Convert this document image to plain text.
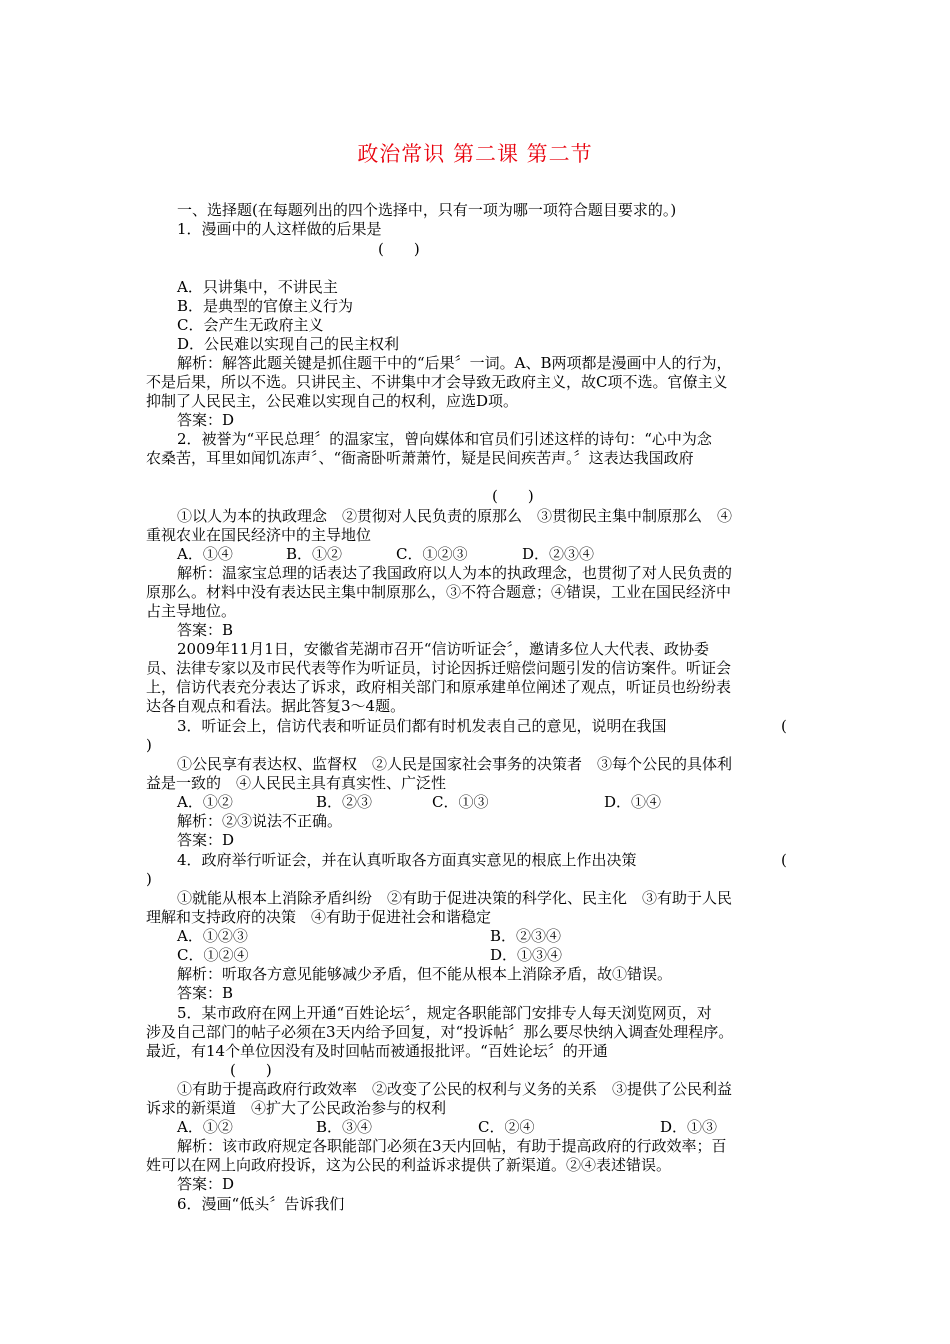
政治常识 第二课 第二节
一、选择题(在每题列出的四个选择中，只有一项为哪一项符合题目要求的。)
1．漫画中的人这样做的后果是
(　　)
A．只讲集中，不讲民主
B．是典型的官僚主义行为
C．会产生无政府主义
D．公民难以实现自己的民主权利
解析：解答此题关键是抓住题干中的“后果〞一词。A、B两项都是漫画中人的行为，
不是后果，所以不选。只讲民主、不讲集中才会导致无政府主义，故C项不选。官僚主义
抑制了人民民主，公民难以实现自己的权利，应选D项。
答案：D
2．被誉为“平民总理〞的温家宝，曾向媒体和官员们引述这样的诗句：“心中为念
农桑苦，耳里如闻饥冻声〞、“衙斋卧听萧萧竹，疑是民间疾苦声。〞这表达我国政府
(　　)
①以人为本的执政理念　②贯彻对人民负责的原那么　③贯彻民主集中制原那么　④
重视农业在国民经济中的主导地位
A．①④	B．①②	C．①②③	D．②③④
解析：温家宝总理的话表达了我国政府以人为本的执政理念，也贯彻了对人民负责的
原那么。材料中没有表达民主集中制原那么，③不符合题意；④错误，工业在国民经济中
占主导地位。
答案：B
2009年11月1日，安徽省芜湖市召开“信访听证会〞，邀请多位人大代表、政协委
员、法律专家以及市民代表等作为听证员，讨论因拆迁赔偿问题引发的信访案件。听证会
上，信访代表充分表达了诉求，政府相关部门和原承建单位阐述了观点，听证员也纷纷表
达各自观点和看法。据此答复3～4题。
3．听证会上，信访代表和听证员们都有时机发表自己的意见，说明在我国	(
)
①公民享有表达权、监督权　②人民是国家社会事务的决策者　③每个公民的具体利
益是一致的　④人民民主具有真实性、广泛性
A．①②	B．②③	C．①③	D．①④
解析：②③说法不正确。
答案：D
4．政府举行听证会，并在认真听取各方面真实意见的根底上作出决策	(
)
①就能从根本上消除矛盾纠纷　②有助于促进决策的科学化、民主化　③有助于人民
理解和支持政府的决策　④有助于促进社会和谐稳定
A．①②③	B．②③④
C．①②④	D．①③④
解析：听取各方意见能够减少矛盾，但不能从根本上消除矛盾，故①错误。
答案：B
5．某市政府在网上开通“百姓论坛〞，规定各职能部门安排专人每天浏览网页，对
涉及自己部门的帖子必须在3天内给予回复，对“投诉帖〞那么要尽快纳入调查处理程序。
最近，有14个单位因没有及时回帖而被通报批评。“百姓论坛〞的开通
(　　)
①有助于提高政府行政效率　②改变了公民的权利与义务的关系　③提供了公民利益
诉求的新渠道　④扩大了公民政治参与的权利
A．①②	B．③④	C．②④	D．①③
解析：该市政府规定各职能部门必须在3天内回帖，有助于提高政府的行政效率；百
姓可以在网上向政府投诉，这为公民的利益诉求提供了新渠道。②④表述错误。
答案：D
6．漫画“低头〞告诉我们
